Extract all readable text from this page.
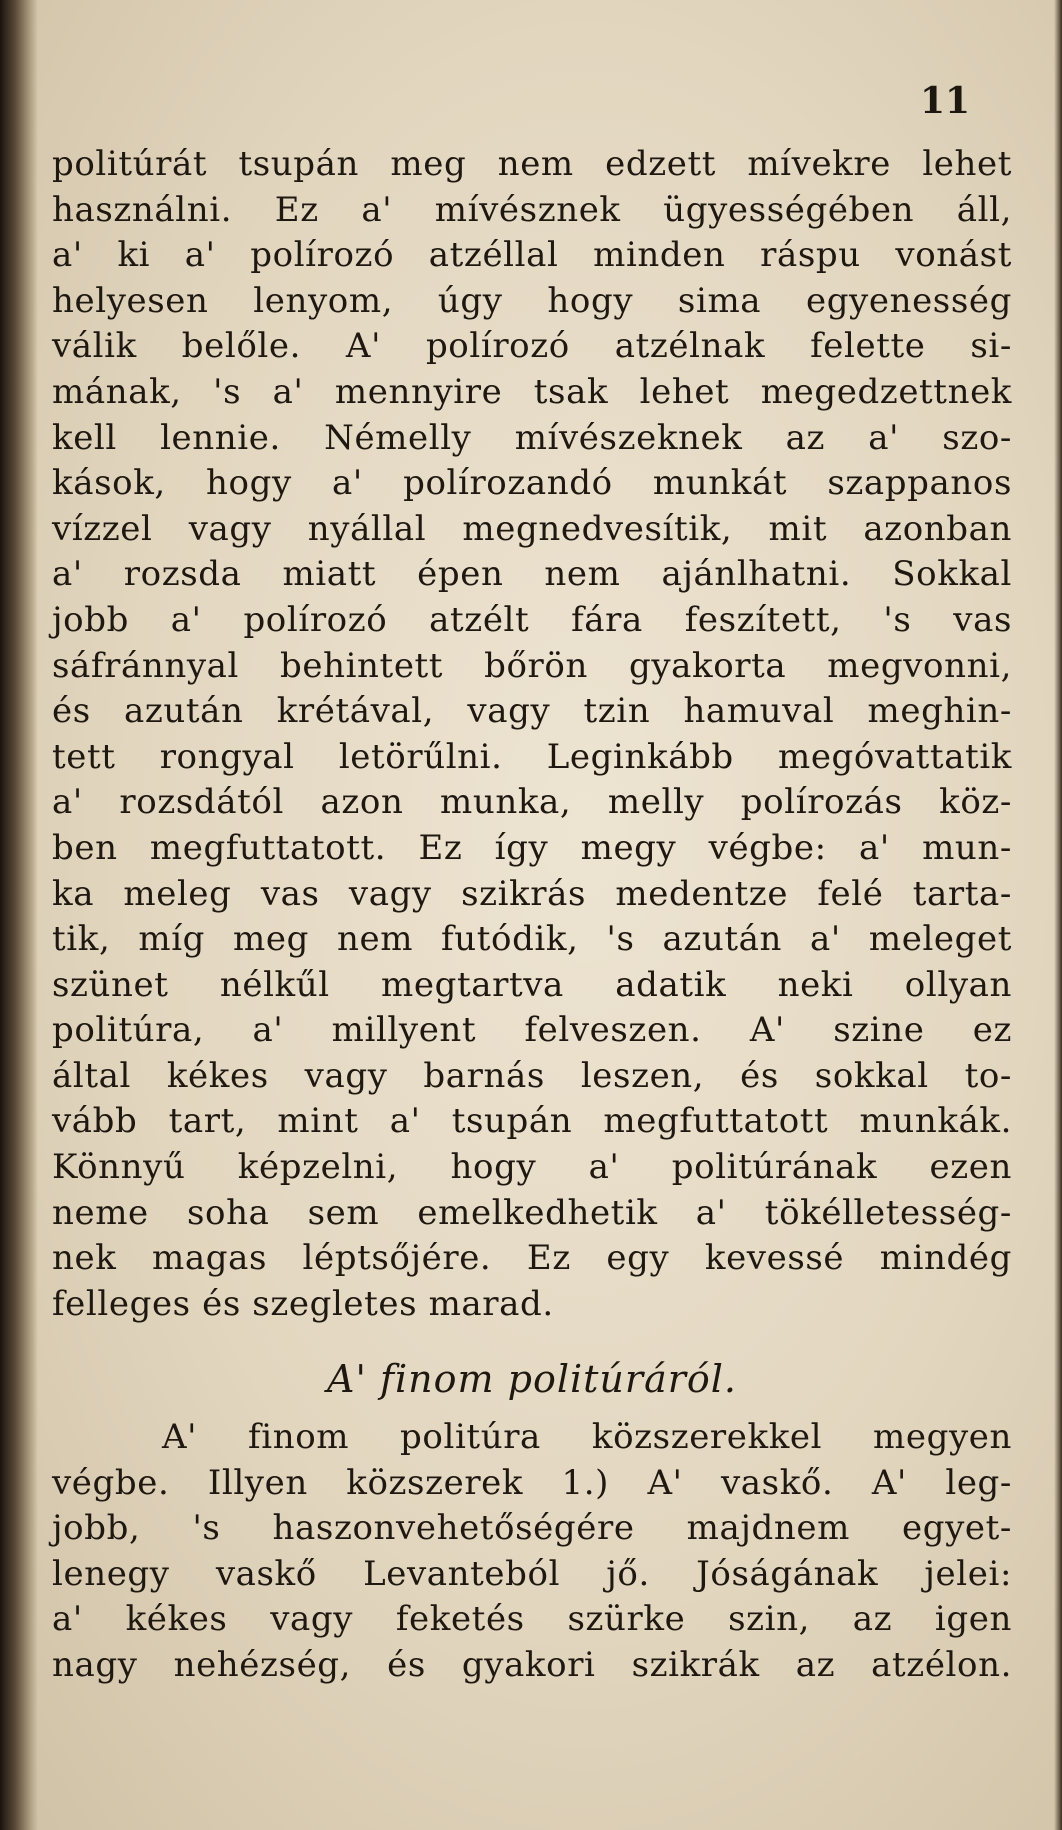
11
politúrát tsupán meg nem edzett mívekre lehet
használni. Ez a' mívésznek ügyességében áll,
a' ki a' polírozó atzéllal minden ráspu vonást
helyesen lenyom, úgy hogy sima egyenesség
válik belőle. A' polírozó atzélnak felette si-
mának, 's a' mennyire tsak lehet megedzettnek
kell lennie. Némelly mívészeknek az a' szo-
kások, hogy a' polírozandó munkát szappanos
vízzel vagy nyállal megnedvesítik, mit azonban
a' rozsda miatt épen nem ajánlhatni. Sokkal
jobb a' polírozó atzélt fára feszített, 's vas
sáfránnyal behintett bőrön gyakorta megvonni,
és azután krétával, vagy tzin hamuval meghin-
tett rongyal letörűlni. Leginkább megóvattatik
a' rozsdától azon munka, melly polírozás köz-
ben megfuttatott. Ez így megy végbe: a' mun-
ka meleg vas vagy szikrás medentze felé tarta-
tik, míg meg nem futódik, 's azután a' meleget
szünet nélkűl megtartva adatik neki ollyan
politúra, a' millyent felveszen. A' szine ez
által kékes vagy barnás leszen, és sokkal to-
vább tart, mint a' tsupán megfuttatott munkák.
Könnyű képzelni, hogy a' politúrának ezen
neme soha sem emelkedhetik a' tökélletesség-
nek magas léptsőjére. Ez egy kevessé mindég
felleges és szegletes marad.
A' finom politúráról.
A' finom politúra közszerekkel megyen
végbe. Illyen közszerek 1.) A' vaskő. A' leg-
jobb, 's haszonvehetőségére majdnem egyet-
lenegy vaskő Levanteból jő. Jóságának jelei:
a' kékes vagy feketés szürke szin, az igen
nagy nehézség, és gyakori szikrák az atzélon.
